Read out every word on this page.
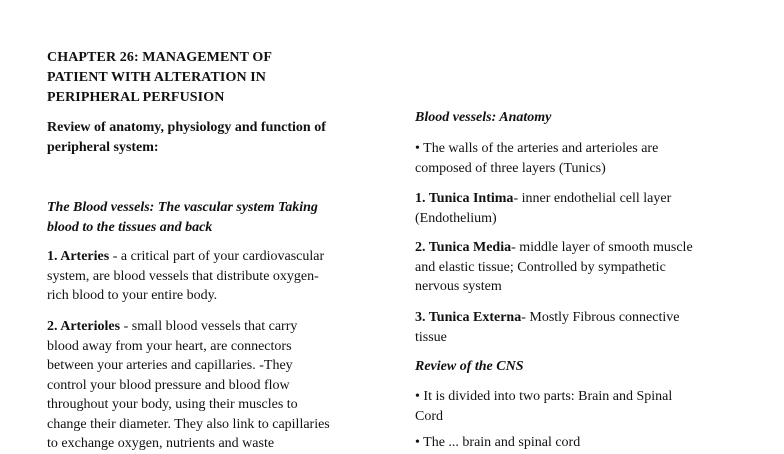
CHAPTER 26: MANAGEMENT OF
PATIENT WITH ALTERATION IN
PERIPHERAL PERFUSION
Review of anatomy, physiology and function of
peripheral system:
The Blood vessels: The vascular system Taking
blood to the tissues and back
1. Arteries - a critical part of your cardiovascular
system, are blood vessels that distribute oxygen-
rich blood to your entire body.
2. Arterioles - small blood vessels that carry
blood away from your heart, are connectors
between your arteries and capillaries. -They
control your blood pressure and blood flow
throughout your body, using their muscles to
change their diameter. They also link to capillaries
to exchange oxygen, nutrients and waste
Blood vessels: Anatomy
• The walls of the arteries and arterioles are
composed of three layers (Tunics)
1. Tunica Intima- inner endothelial cell layer
(Endothelium)
2. Tunica Media- middle layer of smooth muscle
and elastic tissue; Controlled by sympathetic
nervous system
3. Tunica Externa- Mostly Fibrous connective
tissue
Review of the CNS
• It is divided into two parts: Brain and Spinal
Cord
• The ... brain and spinal cord
